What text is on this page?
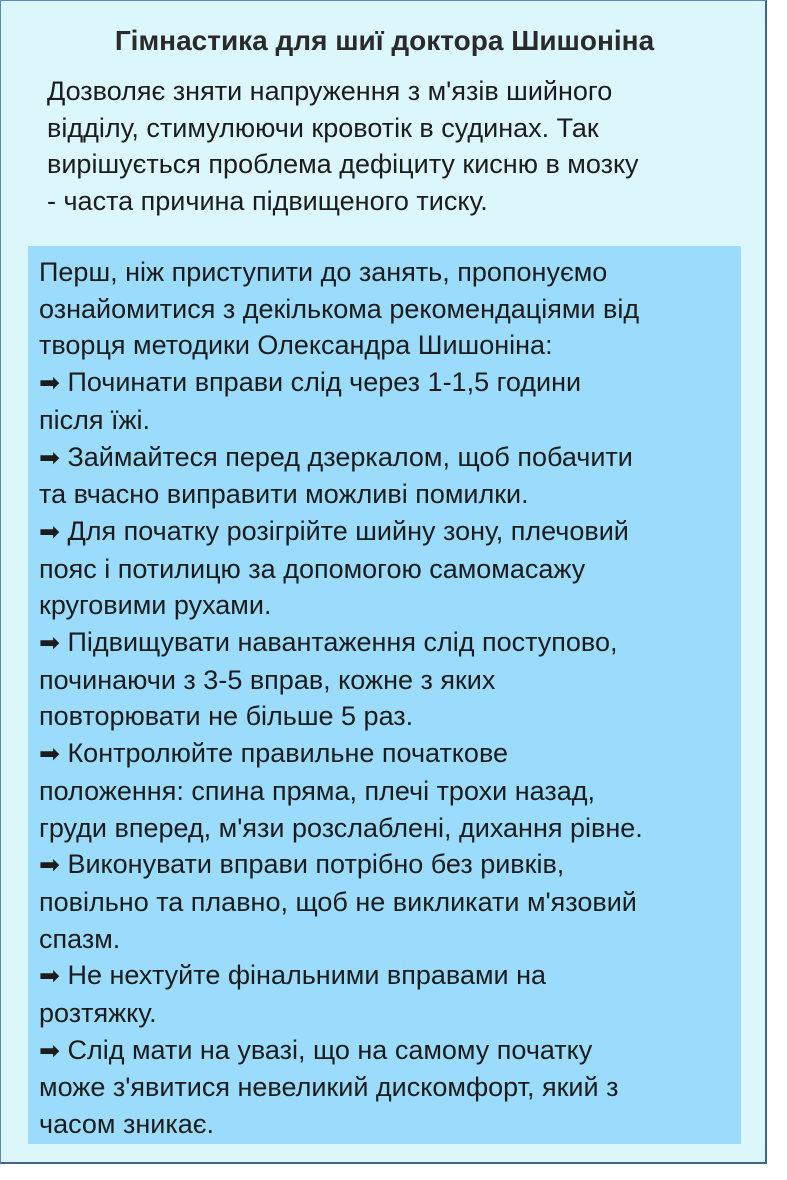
Гімнастика для шиї доктора Шишоніна
Дозволяє зняти напруження з м'язів шийного
відділу, стимулюючи кровотік в судинах. Так
вирішується проблема дефіциту кисню в мозку
- часта причина підвищеного тиску.
Перш, ніж приступити до занять, пропонуємо
ознайомитися з декількома рекомендаціями від
творця методики Олександра Шишоніна:
➡ Починати вправи слід через 1-1,5 години
після їжі.
➡ Займайтеся перед дзеркалом, щоб побачити
та вчасно виправити можливі помилки.
➡ Для початку розігрійте шийну зону, плечовий
пояс і потилицю за допомогою самомасажу
круговими рухами.
➡ Підвищувати навантаження слід поступово,
починаючи з 3-5 вправ, кожне з яких
повторювати не більше 5 раз.
➡ Контролюйте правильне початкове
положення: спина пряма, плечі трохи назад,
груди вперед, м'язи розслаблені, дихання рівне.
➡ Виконувати вправи потрібно без ривків,
повільно та плавно, щоб не викликати м'язовий
спазм.
➡ Не нехтуйте фінальними вправами на
розтяжку.
➡ Слід мати на увазі, що на самому початку
може з'явитися невеликий дискомфорт, який з
часом зникає.
